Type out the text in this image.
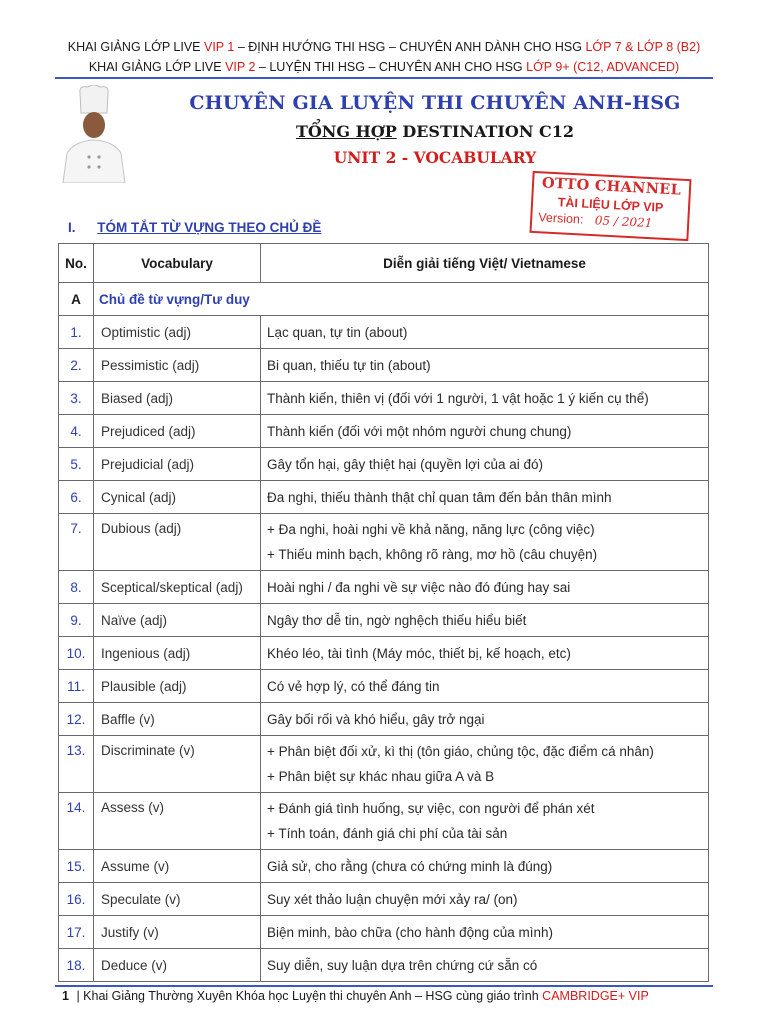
KHAI GIẢNG LỚP LIVE VIP 1 – ĐỊNH HƯỚNG THI HSG – CHUYÊN ANH DÀNH CHO HSG LỚP 7 & LỚP 8 (B2)
KHAI GIẢNG LỚP LIVE VIP 2 – LUYỆN THI HSG – CHUYÊN ANH CHO HSG LỚP 9+ (C12, ADVANCED)
CHUYÊN GIA LUYỆN THI CHUYÊN ANH-HSG
TỔNG HỢP DESTINATION C12
UNIT 2 - VOCABULARY
OTTO CHANNEL
TÀI LIỆU LỚP VIP
Version: 05 / 2021
I. TÓM TẮT TỪ VỰNG THEO CHỦ ĐỀ
No.	Vocabulary	Diễn giải tiếng Việt/ Vietnamese
A	Chủ đề từ vựng/Tư duy	
1.	Optimistic (adj)	Lạc quan, tự tin (about)

2.	Pessimistic (adj)	Bi quan, thiếu tự tin (about)

3.	Biased (adj)	Thành kiến, thiên vị (đối với 1 người, 1 vật hoặc 1 ý kiến cụ thể)

4.	Prejudiced (adj)	Thành kiến (đối với một nhóm người chung chung)

5.	Prejudicial (adj)	Gây tổn hại, gây thiệt hại (quyền lợi của ai đó)

6.	Cynical (adj)	Đa nghi, thiếu thành thật chỉ quan tâm đến bản thân mình

7.	Dubious (adj)	+ Đa nghi, hoài nghi về khả năng, năng lực (công việc)
+ Thiếu minh bạch, không rõ ràng, mơ hồ (câu chuyện)

8.	Sceptical/skeptical (adj)	Hoài nghi / đa nghi về sự việc nào đó đúng hay sai

9.	Naïve (adj)	Ngây thơ dễ tin, ngờ nghệch thiếu hiểu biết

10.	Ingenious (adj)	Khéo léo, tài tình (Máy móc, thiết bị, kế hoạch, etc)

11.	Plausible (adj)	Có vẻ hợp lý, có thể đáng tin

12.	Baffle (v)	Gây bối rối và khó hiểu, gây trở ngại

13.	Discriminate (v)	+ Phân biệt đối xử, kì thị (tôn giáo, chủng tộc, đặc điểm cá nhân)
+ Phân biệt sự khác nhau giữa A và B

14.	Assess (v)	+ Đánh giá tình huống, sự việc, con người để phán xét
+ Tính toán, đánh giá chi phí của tài sản

15.	Assume (v)	Giả sử, cho rằng (chưa có chứng minh là đúng)

16.	Speculate (v)	Suy xét thảo luận chuyện mới xảy ra/ (on)

17.	Justify (v)	Biện minh, bào chữa (cho hành động của mình)

18.	Deduce (v)	Suy diễn, suy luận dựa trên chứng cứ sẵn có
1 | Khai Giảng Thường Xuyên Khóa học Luyện thi chuyên Anh – HSG cùng giáo trình CAMBRIDGE+ VIP
